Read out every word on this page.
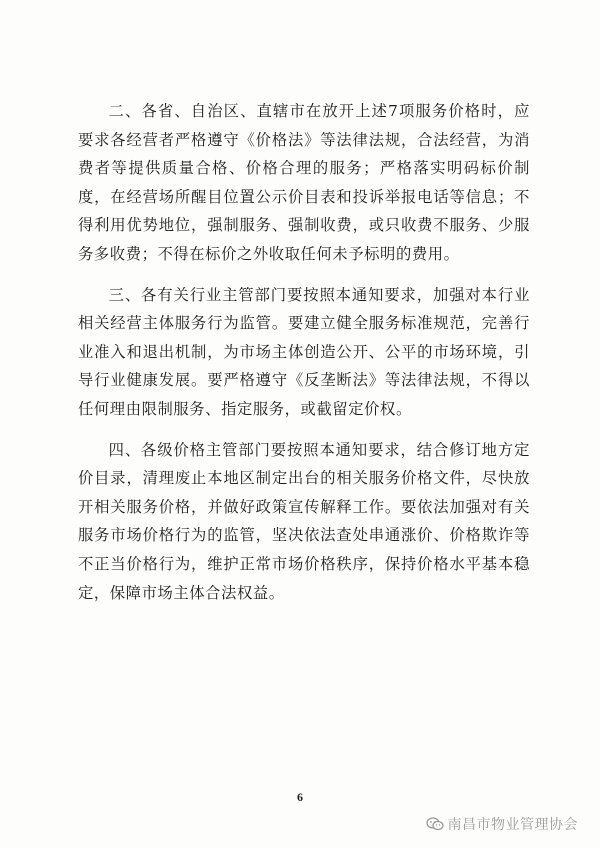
二、各省、自治区、直辖市在放开上述7项服务价格时，应要求各经营者严格遵守《价格法》等法律法规，合法经营，为消费者等提供质量合格、价格合理的服务；严格落实明码标价制度，在经营场所醒目位置公示价目表和投诉举报电话等信息；不得利用优势地位，强制服务、强制收费，或只收费不服务、少服务多收费；不得在标价之外收取任何未予标明的费用。

三、各有关行业主管部门要按照本通知要求，加强对本行业相关经营主体服务行为监管。要建立健全服务标准规范，完善行业准入和退出机制，为市场主体创造公开、公平的市场环境，引导行业健康发展。要严格遵守《反垄断法》等法律法规，不得以任何理由限制服务、指定服务，或截留定价权。

四、各级价格主管部门要按照本通知要求，结合修订地方定价目录，清理废止本地区制定出台的相关服务价格文件，尽快放开相关服务价格，并做好政策宣传解释工作。要依法加强对有关服务市场价格行为的监管，坚决依法查处串通涨价、价格欺诈等不正当价格行为，维护正常市场价格秩序，保持价格水平基本稳定，保障市场主体合法权益。

6
南昌市物业管理协会
